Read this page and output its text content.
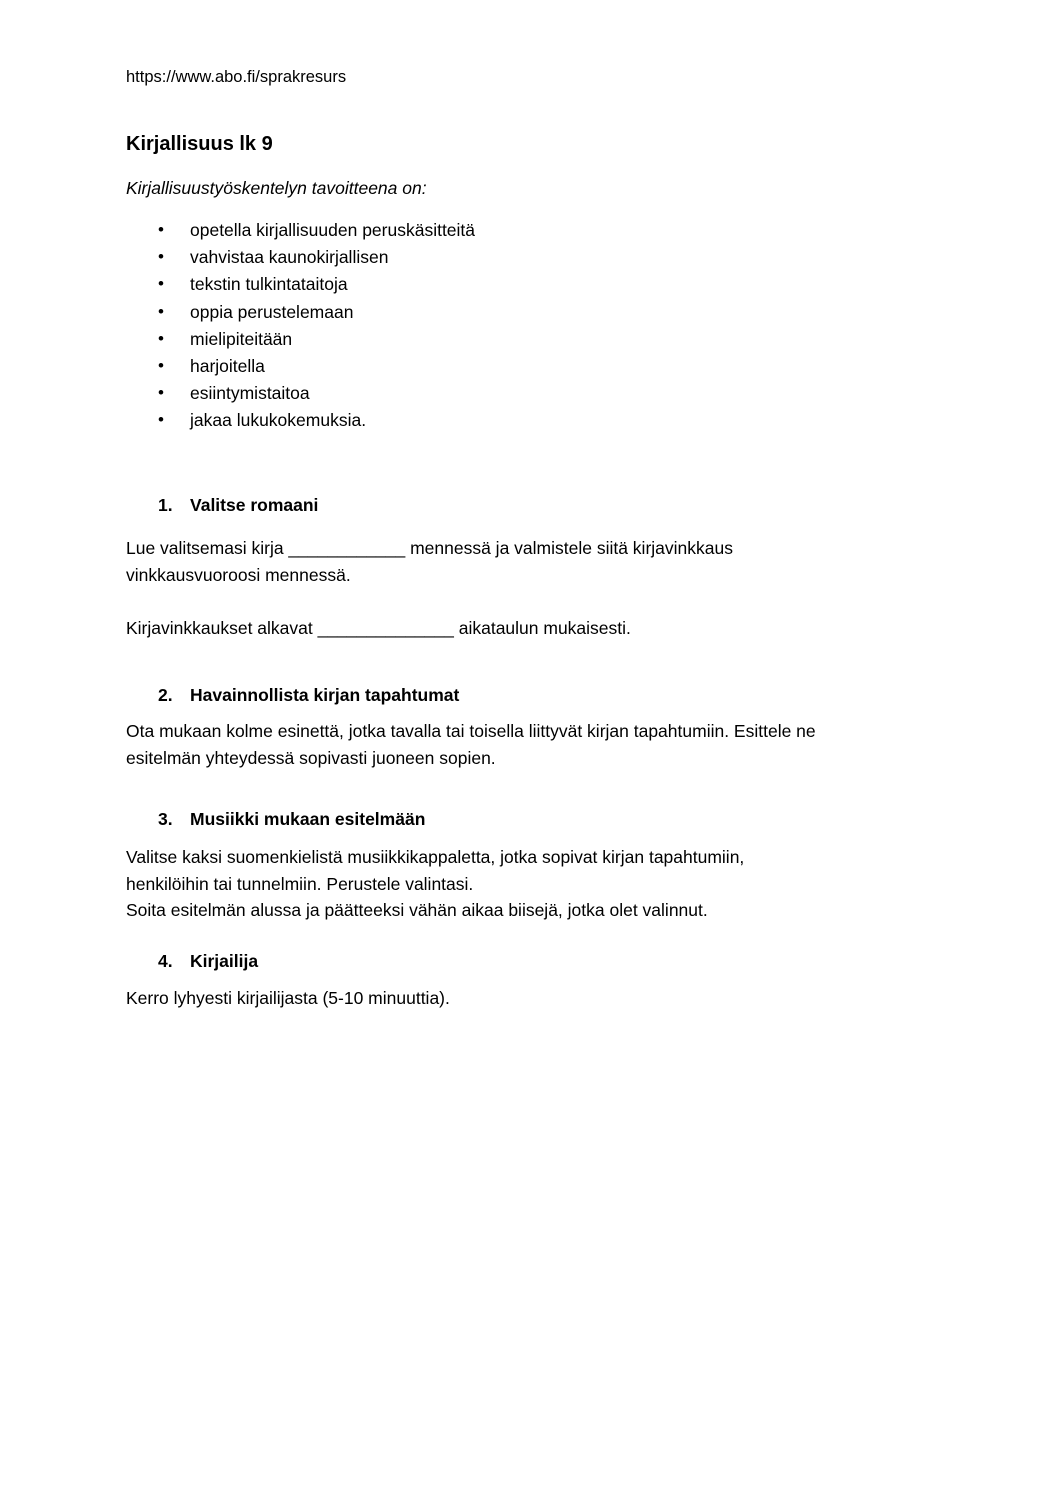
https://www.abo.fi/sprakresurs
Kirjallisuus lk 9
Kirjallisuustyöskentelyn tavoitteena on:
• opetella kirjallisuuden peruskäsitteitä
• vahvistaa kaunokirjallisen
• tekstin tulkintataitoja
• oppia perustelemaan
• mielipiteitään
• harjoitella
• esiintymistaitoa
• jakaa lukukokemuksia.
1. Valitse romaani
Lue valitsemasi kirja ____________ mennessä ja valmistele siitä kirjavinkkaus
vinkkausvuoroosi mennessä.
Kirjavinkkaukset alkavat ______________ aikataulun mukaisesti.
2. Havainnollista kirjan tapahtumat
Ota mukaan kolme esinettä, jotka tavalla tai toisella liittyvät kirjan tapahtumiin. Esittele ne
esitelmän yhteydessä sopivasti juoneen sopien.
3. Musiikki mukaan esitelmään
Valitse kaksi suomenkielistä musiikkikappaletta, jotka sopivat kirjan tapahtumiin,
henkilöihin tai tunnelmiin. Perustele valintasi.
Soita esitelmän alussa ja päätteeksi vähän aikaa biisejä, jotka olet valinnut.
4. Kirjailija
Kerro lyhyesti kirjailijasta (5-10 minuuttia).
